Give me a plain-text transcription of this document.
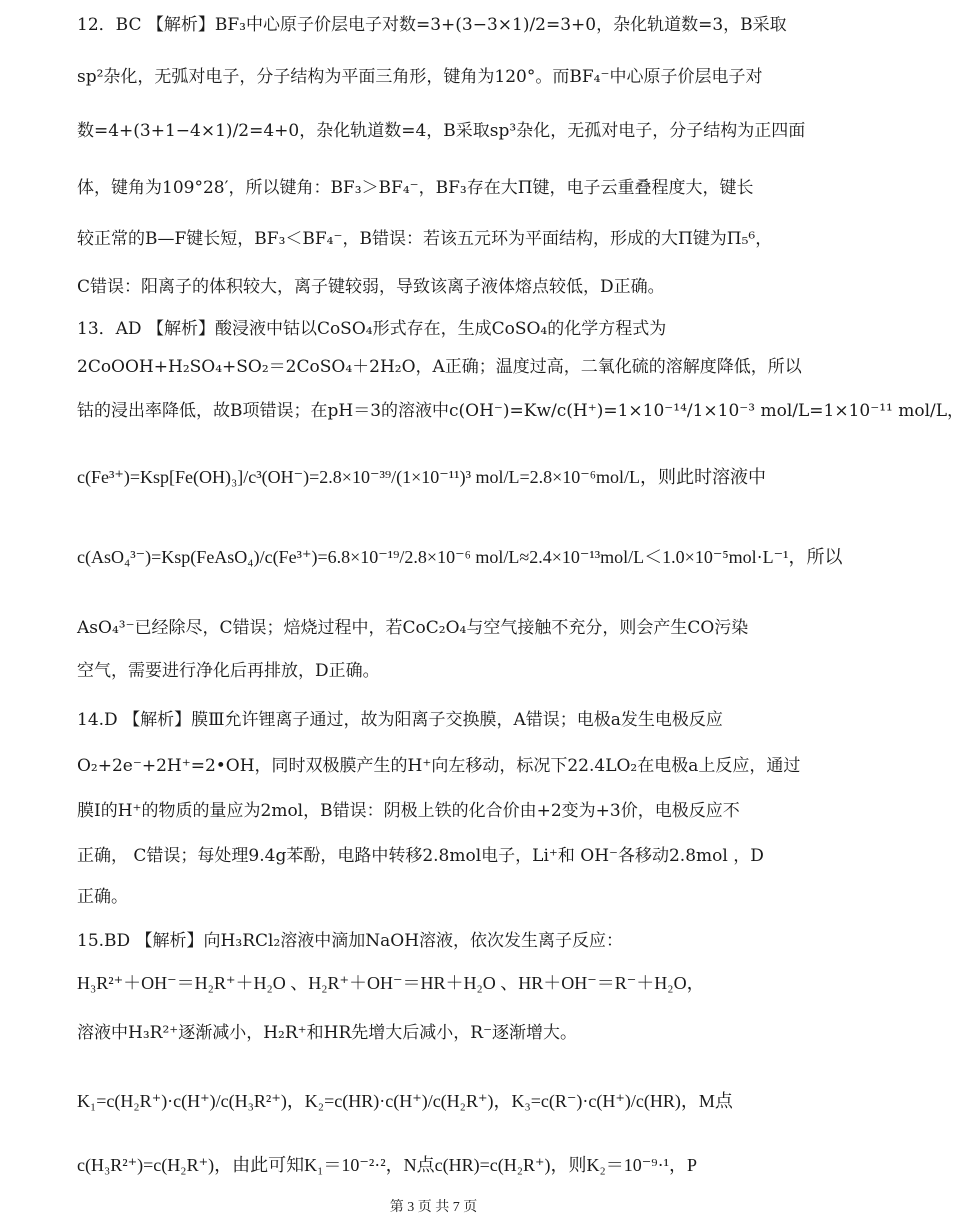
12．BC 【解析】BF₃中心原子价层电子对数=3+(3−3×1)/2=3+0，杂化轨道数=3，B采取
sp²杂化，无弧对电子，分子结构为平面三角形，键角为120°。而BF₄⁻中心原子价层电子对
数=4+(3+1−4×1)/2=4+0，杂化轨道数=4，B采取sp³杂化，无孤对电子，分子结构为正四面
体，键角为109°28′，所以键角：BF₃＞BF₄⁻，BF₃存在大Π键，电子云重叠程度大，键长
较正常的B—F键长短，BF₃＜BF₄⁻，B错误：若该五元环为平面结构，形成的大Π键为Π₅⁶，
C错误：阳离子的体积较大，离子键较弱，导致该离子液体熔点较低，D正确。
13．AD 【解析】酸浸液中钴以CoSO₄形式存在，生成CoSO₄的化学方程式为
2CoOOH+H₂SO₄+SO₂＝2CoSO₄＋2H₂O，A正确；温度过高，二氧化硫的溶解度降低，所以
钴的浸出率降低，故B项错误；在pH＝3的溶液中c(OH⁻)=Kw/c(H⁺)=1×10⁻¹⁴/1×10⁻³ mol/L=1×10⁻¹¹ mol/L，
c(Fe³⁺)=Ksp[Fe(OH)₃]/c³(OH⁻)=2.8×10⁻³⁹/(1×10⁻¹¹)³ mol/L=2.8×10⁻⁶mol/L，则此时溶液中
c(AsO₄³⁻)=Ksp(FeAsO₄)/c(Fe³⁺)=6.8×10⁻¹⁹/2.8×10⁻⁶ mol/L≈2.4×10⁻¹³mol/L＜1.0×10⁻⁵mol·L⁻¹，所以
AsO₄³⁻已经除尽，C错误；焙烧过程中，若CoC₂O₄与空气接触不充分，则会产生CO污染
空气，需要进行净化后再排放，D正确。
14.D 【解析】膜Ⅲ允许锂离子通过，故为阳离子交换膜，A错误；电极a发生电极反应
O₂+2e⁻+2H⁺=2•OH，同时双极膜产生的H⁺向左移动，标况下22.4LO₂在电极a上反应，通过
膜Ⅰ的H⁺的物质的量应为2mol，B错误：阴极上铁的化合价由+2变为+3价，电极反应不
正确， C错误；每处理9.4g苯酚，电路中转移2.8mol电子，Li⁺和 OH⁻各移动2.8mol ，D
正确。
15.BD 【解析】向H₃RCl₂溶液中滴加NaOH溶液，依次发生离子反应：
H₃R²⁺＋OH⁻＝H₂R⁺＋H₂O 、H₂R⁺＋OH⁻＝HR＋H₂O 、HR＋OH⁻＝R⁻＋H₂O，
溶液中H₃R²⁺逐渐减小，H₂R⁺和HR先增大后减小，R⁻逐渐增大。
K₁=c(H₂R⁺)·c(H⁺)/c(H₃R²⁺)，K₂=c(HR)·c(H⁺)/c(H₂R⁺)，K₃=c(R⁻)·c(H⁺)/c(HR)，M点
c(H₃R²⁺)=c(H₂R⁺)，由此可知K₁＝10⁻²·²，N点c(HR)=c(H₂R⁺)，则K₂＝10⁻⁹·¹，P
第 3 页 共 7 页
